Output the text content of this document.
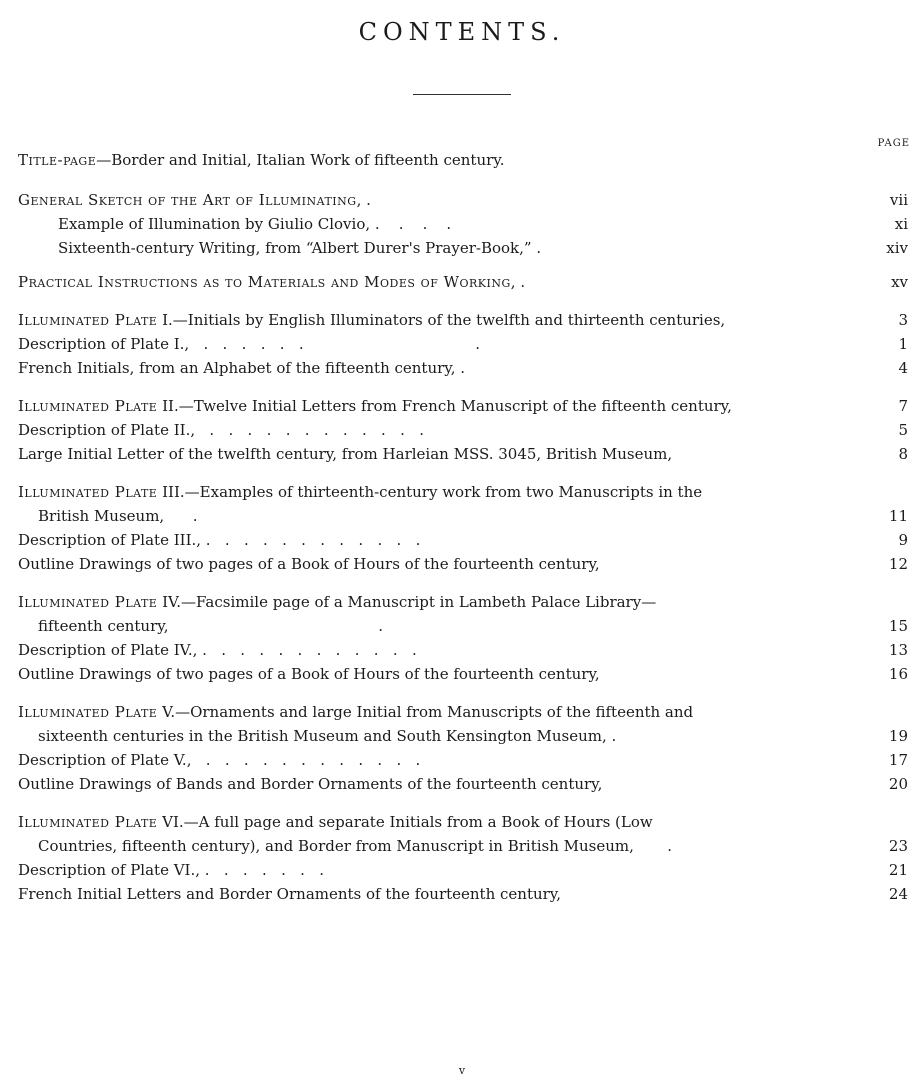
CONTENTS.
PAGE
Title-page—Border and Initial, Italian Work of fifteenth century.
General Sketch of the Art of Illuminating, .	vii
Example of Illumination by Giulio Clovio, .    .    .    .	xi
Sixteenth-century Writing, from “Albert Durer's Prayer-Book,” .	xiv
Practical Instructions as to Materials and Modes of Working, .	xv
Illuminated Plate I.—Initials by English Illuminators of the twelfth and thirteenth centuries,	3
Description of Plate I.,   .   .   .   .   .   .                                    .	1
French Initials, from an Alphabet of the fifteenth century, .	4
Illuminated Plate II.—Twelve Initial Letters from French Manuscript of the fifteenth century,	7
Description of Plate II.,   .   .   .   .   .   .   .   .   .   .   .   .	5
Large Initial Letter of the twelfth century, from Harleian MSS. 3045, British Museum,	8
Illuminated Plate III.—Examples of thirteenth-century work from two Manuscripts in the
British Museum,      .	11
Description of Plate III., .   .   .   .   .   .   .   .   .   .   .   .	9
Outline Drawings of two pages of a Book of Hours of the fourteenth century,	12
Illuminated Plate IV.—Facsimile page of a Manuscript in Lambeth Palace Library—
fifteenth century,                                            .	15
Description of Plate IV., .   .   .   .   .   .   .   .   .   .   .   .	13
Outline Drawings of two pages of a Book of Hours of the fourteenth century,	16
Illuminated Plate V.—Ornaments and large Initial from Manuscripts of the fifteenth and
sixteenth centuries in the British Museum and South Kensington Museum, .	19
Description of Plate V.,   .   .   .   .   .   .   .   .   .   .   .   .	17
Outline Drawings of Bands and Border Ornaments of the fourteenth century,	20
Illuminated Plate VI.—A full page and separate Initials from a Book of Hours (Low
Countries, fifteenth century), and Border from Manuscript in British Museum,       .	23
Description of Plate VI., .   .   .   .   .   .   .	21
French Initial Letters and Border Ornaments of the fourteenth century,	24
v
